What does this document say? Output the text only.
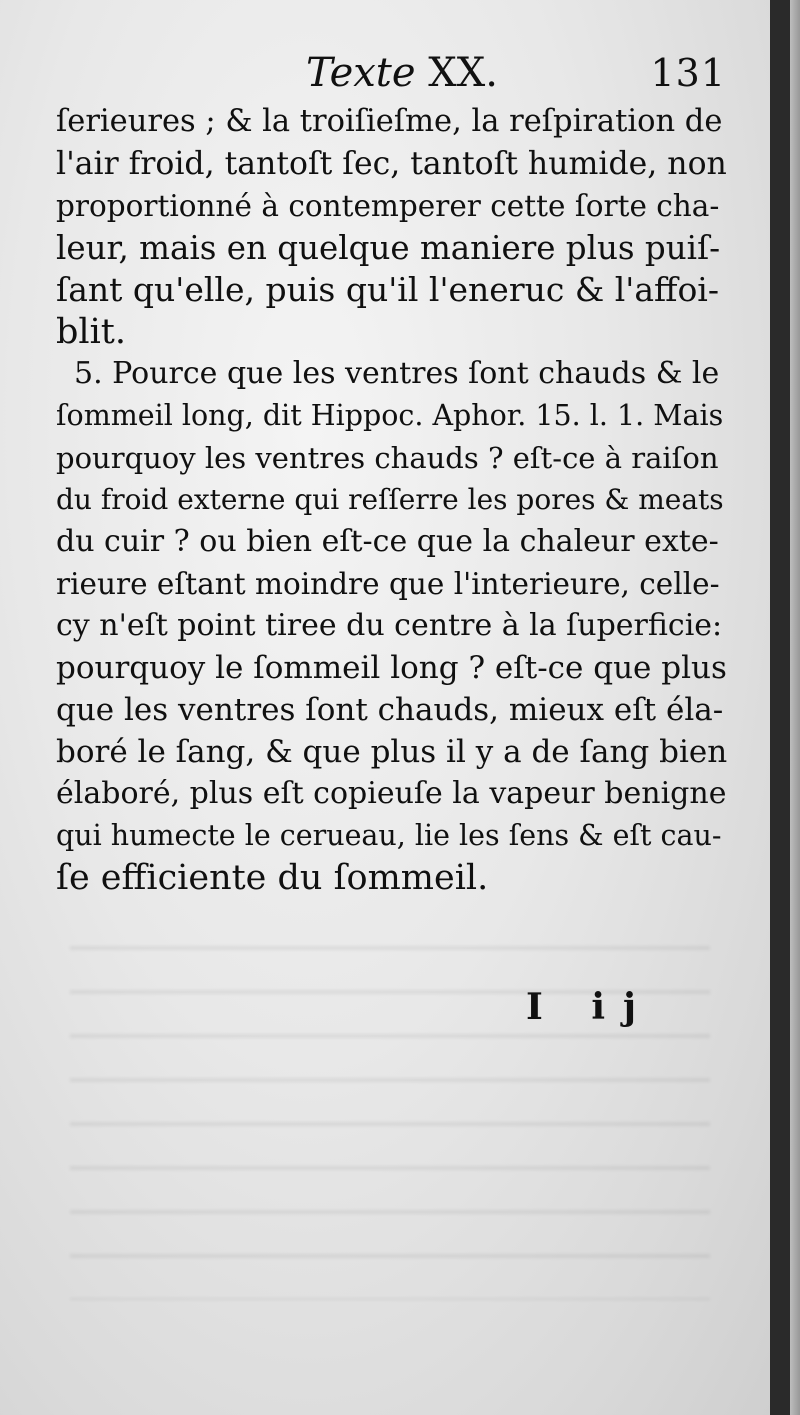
Texte XX.	131
ſerieures ; & la troiſieſme, la reſpiration de
l'air froid, tantoſt ſec, tantoſt humide, non
proportionné à contemperer cette ſorte cha-
leur, mais en quelque maniere plus puiſ-
ſant qu'elle, puis qu'il l'eneruc & l'affoi-
blit.
5. Pource que les ventres ſont chauds & le
ſommeil long, dit Hippoc. Aphor. 15. l. 1. Mais
pourquoy les ventres chauds ? eſt-ce à raiſon
du froid externe qui reſſerre les pores & meats
du cuir ? ou bien eſt-ce que la chaleur exte-
rieure eſtant moindre que l'interieure, celle-
cy n'eſt point tiree du centre à la ſuperficie:
pourquoy le ſommeil long ? eſt-ce que plus
que les ventres ſont chauds, mieux eſt éla-
boré le ſang, & que plus il y a de ſang bien
élaboré, plus eſt copieuſe la vapeur benigne
qui humecte le cerueau, lie les ſens & eſt cau-
ſe efficiente du ſommeil.
I ij
